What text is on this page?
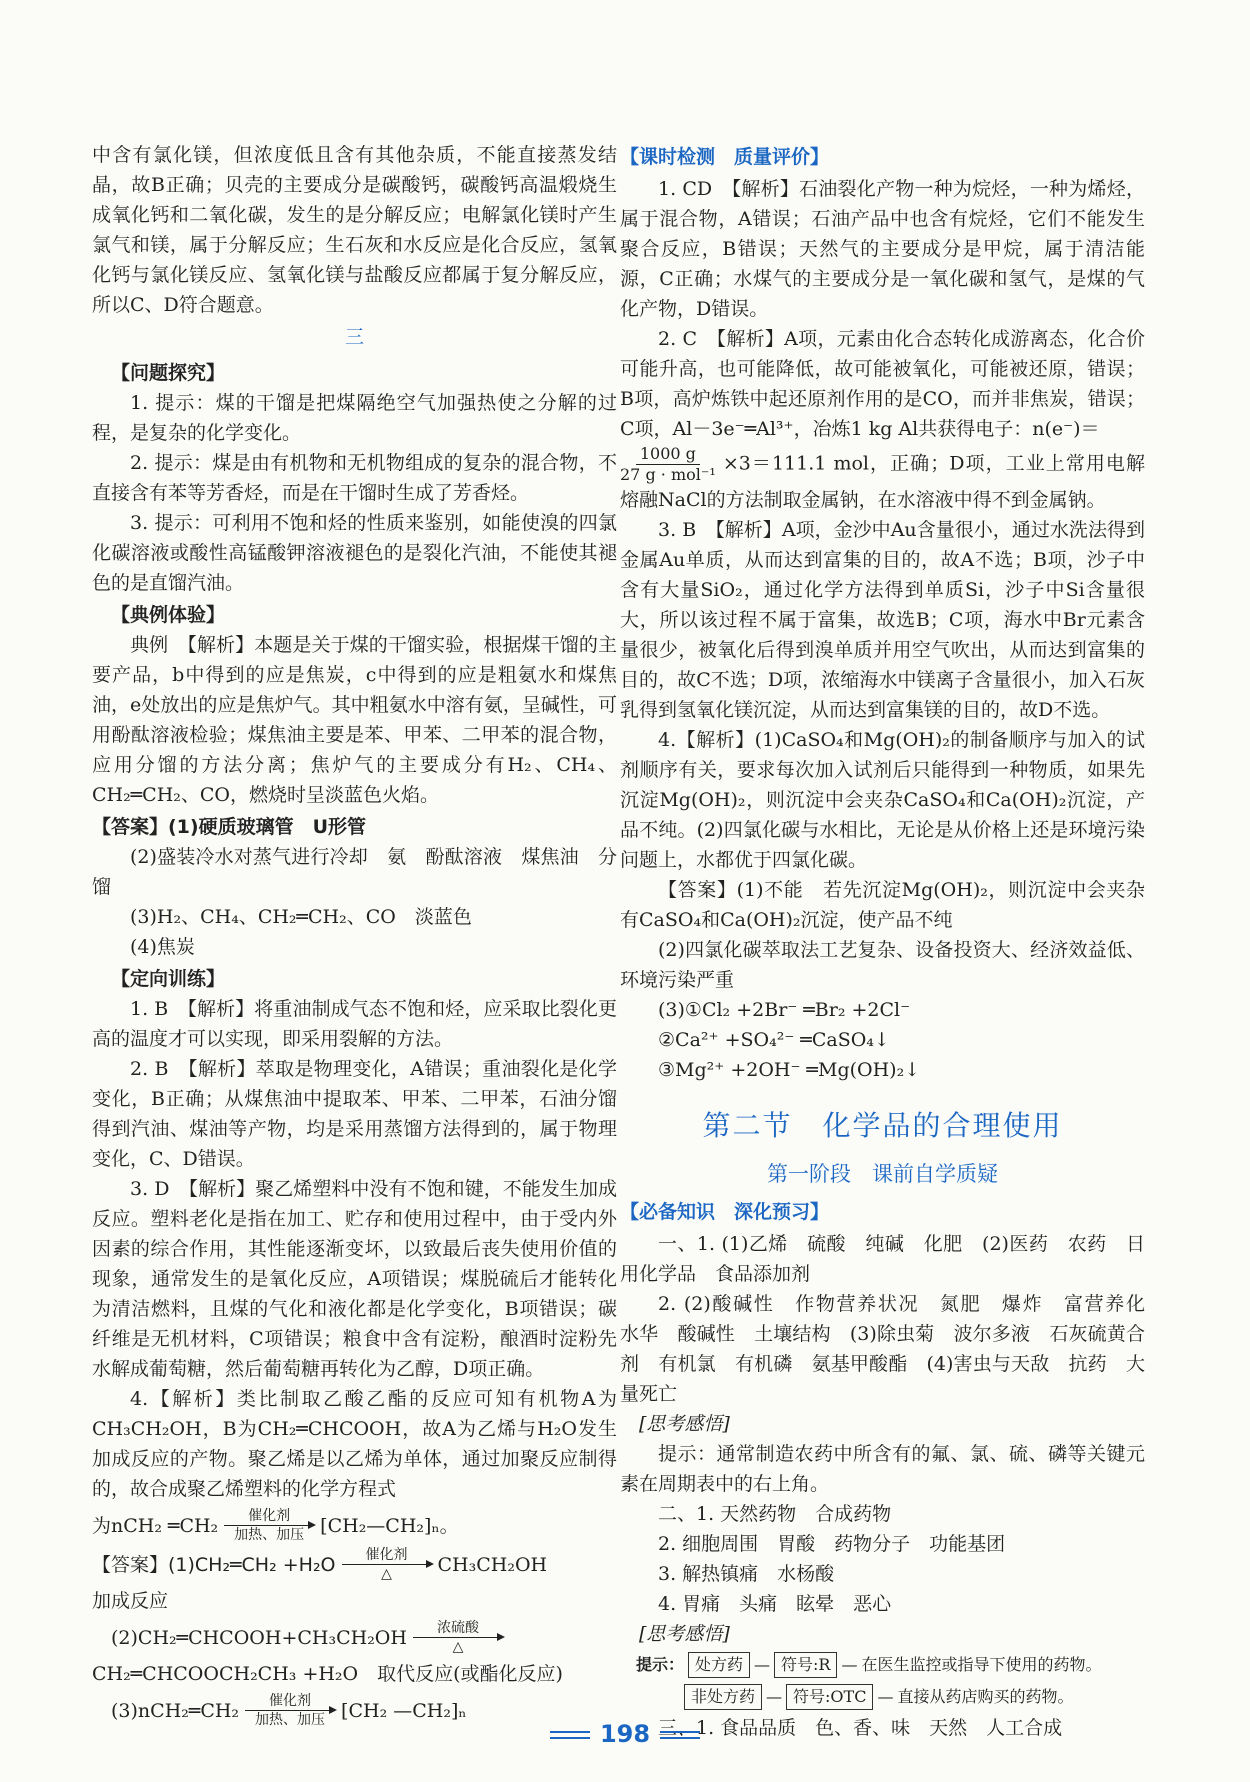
中含有氯化镁，但浓度低且含有其他杂质，不能直接蒸发结晶，故B正确；贝壳的主要成分是碳酸钙，碳酸钙高温煅烧生成氧化钙和二氧化碳，发生的是分解反应；电解氯化镁时产生氯气和镁，属于分解反应；生石灰和水反应是化合反应，氢氧化钙与氯化镁反应、氢氧化镁与盐酸反应都属于复分解反应，所以C、D符合题意。

三
【问题探究】

1. 提示：煤的干馏是把煤隔绝空气加强热使之分解的过程，是复杂的化学变化。

2. 提示：煤是由有机物和无机物组成的复杂的混合物，不直接含有苯等芳香烃，而是在干馏时生成了芳香烃。

3. 提示：可利用不饱和烃的性质来鉴别，如能使溴的四氯化碳溶液或酸性高锰酸钾溶液褪色的是裂化汽油，不能使其褪色的是直馏汽油。

【典例体验】

典例　【解析】本题是关于煤的干馏实验，根据煤干馏的主要产品，b中得到的应是焦炭，c中得到的应是粗氨水和煤焦油，e处放出的应是焦炉气。其中粗氨水中溶有氨，呈碱性，可用酚酞溶液检验；煤焦油主要是苯、甲苯、二甲苯的混合物，应用分馏的方法分离；焦炉气的主要成分有H₂、CH₄、CH₂═CH₂、CO，燃烧时呈淡蓝色火焰。

【答案】(1)硬质玻璃管　U形管

(2)盛装冷水对蒸气进行冷却　氨　酚酞溶液　煤焦油　分馏

(3)H₂、CH₄、CH₂═CH₂、CO　淡蓝色

(4)焦炭

【定向训练】

1. B　【解析】将重油制成气态不饱和烃，应采取比裂化更高的温度才可以实现，即采用裂解的方法。

2. B　【解析】萃取是物理变化，A错误；重油裂化是化学变化，B正确；从煤焦油中提取苯、甲苯、二甲苯，石油分馏得到汽油、煤油等产物，均是采用蒸馏方法得到的，属于物理变化，C、D错误。

3. D　【解析】聚乙烯塑料中没有不饱和键，不能发生加成反应。塑料老化是指在加工、贮存和使用过程中，由于受内外因素的综合作用，其性能逐渐变坏，以致最后丧失使用价值的现象，通常发生的是氧化反应，A项错误；煤脱硫后才能转化为清洁燃料，且煤的气化和液化都是化学变化，B项错误；碳纤维是无机材料，C项错误；粮食中含有淀粉，酿酒时淀粉先水解成葡萄糖，然后葡萄糖再转化为乙醇，D项正确。

4.【解析】类比制取乙酸乙酯的反应可知有机物A为CH₃CH₂OH，B为CH₂═CHCOOH，故A为乙烯与H₂O发生加成反应的产物。聚乙烯是以乙烯为单体，通过加聚反应制得的，故合成聚乙烯塑料的化学方程式

为nCH₂ ═CH₂ 催化剂
加热、加压 [CH₂—CH₂]ₙ。
【答案】(1)CH₂═CH₂ +H₂O 催化剂
△ CH₃CH₂OH

加成反应

(2)CH₂═CHCOOH+CH₃CH₂OH 浓硫酸
△

CH₂═CHCOOCH₂CH₃ +H₂O　取代反应(或酯化反应)

(3)nCH₂═CH₂ 催化剂
加热、加压 [CH₂ —CH₂]ₙ
【课时检测　质量评价】

1. CD　【解析】石油裂化产物一种为烷烃，一种为烯烃，属于混合物，A错误；石油产品中也含有烷烃，它们不能发生聚合反应，B错误；天然气的主要成分是甲烷，属于清洁能源，C正确；水煤气的主要成分是一氧化碳和氢气，是煤的气化产物，D错误。

2. C　【解析】A项，元素由化合态转化成游离态，化合价可能升高，也可能降低，故可能被氧化，可能被还原，错误；B项，高炉炼铁中起还原剂作用的是CO，而并非焦炭，错误；C项，Al－3e⁻═Al³⁺，冶炼1 kg Al共获得电子：n(e⁻)＝

$\frac{1000 g}{\text{27 g · mol⁻¹}} \times 3=111.1$ mol，正确；D项，工业上常用电解熔融NaCl的方法制取金属钠，在水溶液中得不到金属钠。

3. B　【解析】A项，金沙中Au含量很小，通过水洗法得到金属Au单质，从而达到富集的目的，故A不选；B项，沙子中含有大量SiO₂，通过化学方法得到单质Si，沙子中Si含量很大，所以该过程不属于富集，故选B；C项，海水中Br元素含量很少，被氧化后得到溴单质并用空气吹出，从而达到富集的目的，故C不选；D项，浓缩海水中镁离子含量很小，加入石灰乳得到氢氧化镁沉淀，从而达到富集镁的目的，故D不选。

4.【解析】(1)CaSO₄和Mg(OH)₂的制备顺序与加入的试剂顺序有关，要求每次加入试剂后只能得到一种物质，如果先沉淀Mg(OH)₂，则沉淀中会夹杂CaSO₄和Ca(OH)₂沉淀，产品不纯。(2)四氯化碳与水相比，无论是从价格上还是环境污染问题上，水都优于四氯化碳。

【答案】(1)不能　若先沉淀Mg(OH)₂，则沉淀中会夹杂有CaSO₄和Ca(OH)₂沉淀，使产品不纯

(2)四氯化碳萃取法工艺复杂、设备投资大、经济效益低、环境污染严重

(3)①Cl₂ +2Br⁻ ═Br₂ +2Cl⁻

②Ca²⁺ +SO₄²⁻ ═CaSO₄↓

③Mg²⁺ +2OH⁻ ═Mg(OH)₂↓

第二节　化学品的合理使用
第一阶段　课前自学质疑
【必备知识　深化预习】

一、1. (1)乙烯　硫酸　纯碱　化肥　(2)医药　农药　日用化学品　食品添加剂

2. (2)酸碱性　作物营养状况　氮肥　爆炸　富营养化　水华　酸碱性　土壤结构　(3)除虫菊　波尔多液　石灰硫黄合剂　有机氯　有机磷　氨基甲酸酯　(4)害虫与天敌　抗药　大量死亡

[思考感悟]

提示：通常制造农药中所含有的氟、氯、硫、磷等关键元素在周期表中的右上角。

二、1. 天然药物　合成药物

2. 细胞周围　胃酸　药物分子　功能基团

3. 解热镇痛　水杨酸

4. 胃痛　头痛　眩晕　恶心

[思考感悟]
提示： 处方药 — 符号:R — 在医生监控或指导下使用的药物。
非处方药 — 符号:OTC — 直接从药店购买的药物。

三、1. 食品品质　色、香、味　天然　人工合成

198
